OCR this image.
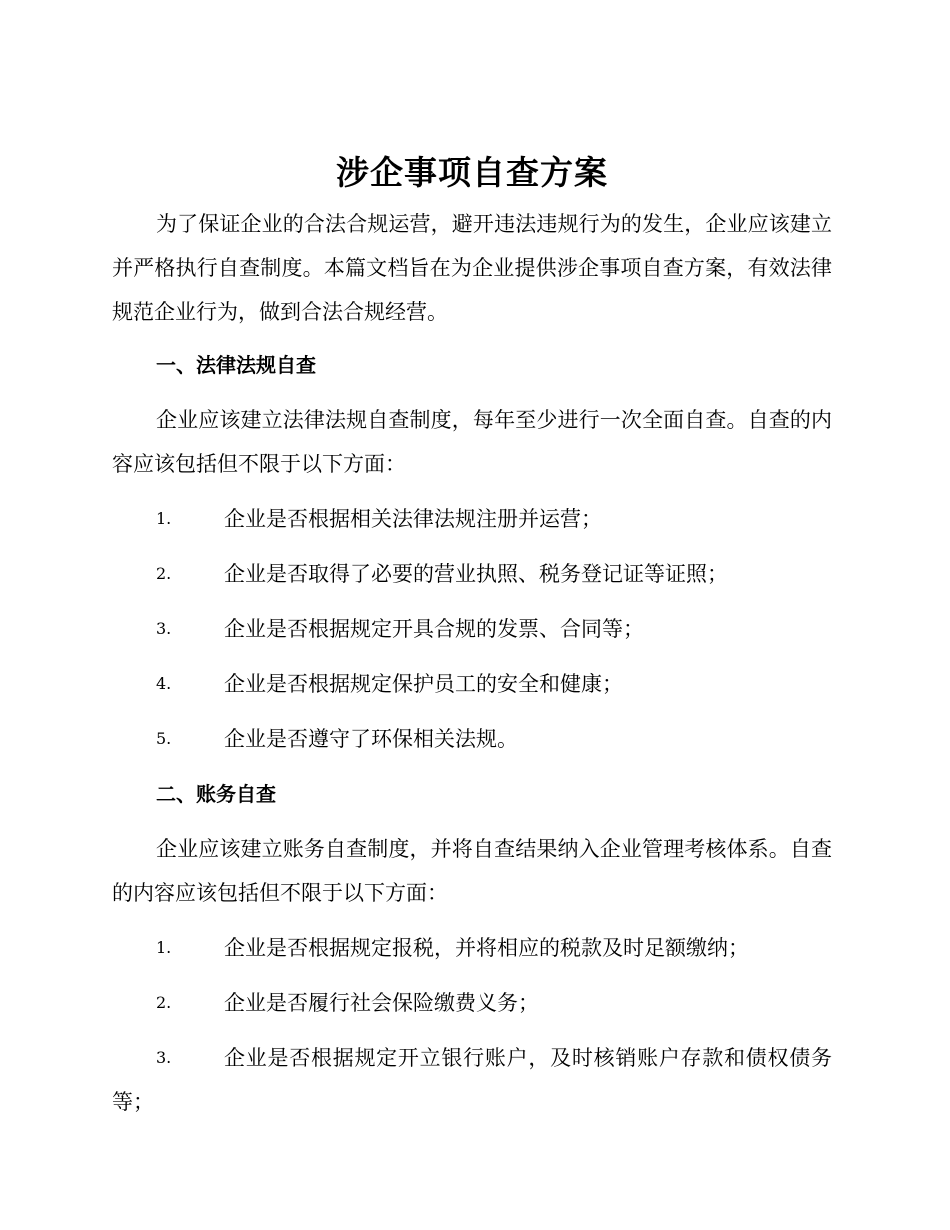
涉企事项自查方案

为了保证企业的合法合规运营，避开违法违规行为的发生，企业应该建立并严格执行自查制度。本篇文档旨在为企业提供涉企事项自查方案，有效法律规范企业行为，做到合法合规经营。

一、法律法规自查

企业应该建立法律法规自查制度，每年至少进行一次全面自查。自查的内容应该包括但不限于以下方面：

1.	企业是否根据相关法律法规注册并运营；
2.	企业是否取得了必要的营业执照、税务登记证等证照；
3.	企业是否根据规定开具合规的发票、合同等；
4.	企业是否根据规定保护员工的安全和健康；
5.	企业是否遵守了环保相关法规。
二、账务自查

企业应该建立账务自查制度，并将自查结果纳入企业管理考核体系。自查的内容应该包括但不限于以下方面：

1.	企业是否根据规定报税，并将相应的税款及时足额缴纳；
2.	企业是否履行社会保险缴费义务；
3.	企业是否根据规定开立银行账户，及时核销账户存款和债权债务等；
